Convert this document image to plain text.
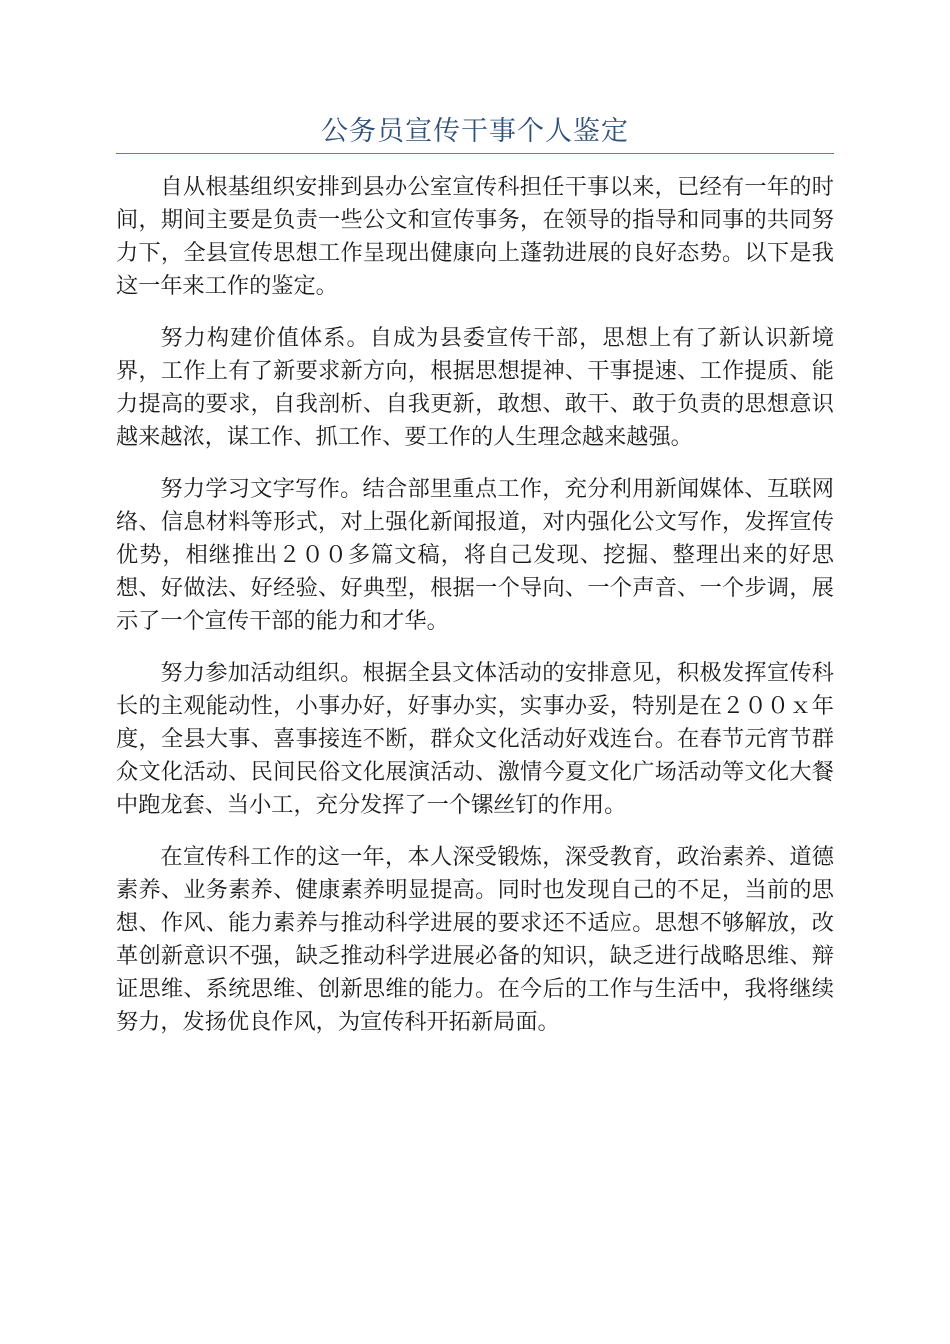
公务员宣传干事个人鉴定

自从根基组织安排到县办公室宣传科担任干事以来，已经有一年的时间，期间主要是负责一些公文和宣传事务，在领导的指导和同事的共同努力下，全县宣传思想工作呈现出健康向上蓬勃进展的良好态势。以下是我这一年来工作的鉴定。

努力构建价值体系。自成为县委宣传干部，思想上有了新认识新境界，工作上有了新要求新方向，根据思想提神、干事提速、工作提质、能力提高的要求，自我剖析、自我更新，敢想、敢干、敢于负责的思想意识越来越浓，谋工作、抓工作、要工作的人生理念越来越强。

努力学习文字写作。结合部里重点工作，充分利用新闻媒体、互联网络、信息材料等形式，对上强化新闻报道，对内强化公文写作，发挥宣传优势，相继推出２００多篇文稿，将自己发现、挖掘、整理出来的好思想、好做法、好经验、好典型，根据一个导向、一个声音、一个步调，展示了一个宣传干部的能力和才华。

努力参加活动组织。根据全县文体活动的安排意见，积极发挥宣传科长的主观能动性，小事办好，好事办实，实事办妥，特别是在２００ｘ年度，全县大事、喜事接连不断，群众文化活动好戏连台。在春节元宵节群众文化活动、民间民俗文化展演活动、激情今夏文化广场活动等文化大餐中跑龙套、当小工，充分发挥了一个镙丝钉的作用。

在宣传科工作的这一年，本人深受锻炼，深受教育，政治素养、道德素养、业务素养、健康素养明显提高。同时也发现自己的不足，当前的思想、作风、能力素养与推动科学进展的要求还不适应。思想不够解放，改革创新意识不强，缺乏推动科学进展必备的知识，缺乏进行战略思维、辩证思维、系统思维、创新思维的能力。在今后的工作与生活中，我将继续努力，发扬优良作风，为宣传科开拓新局面。
